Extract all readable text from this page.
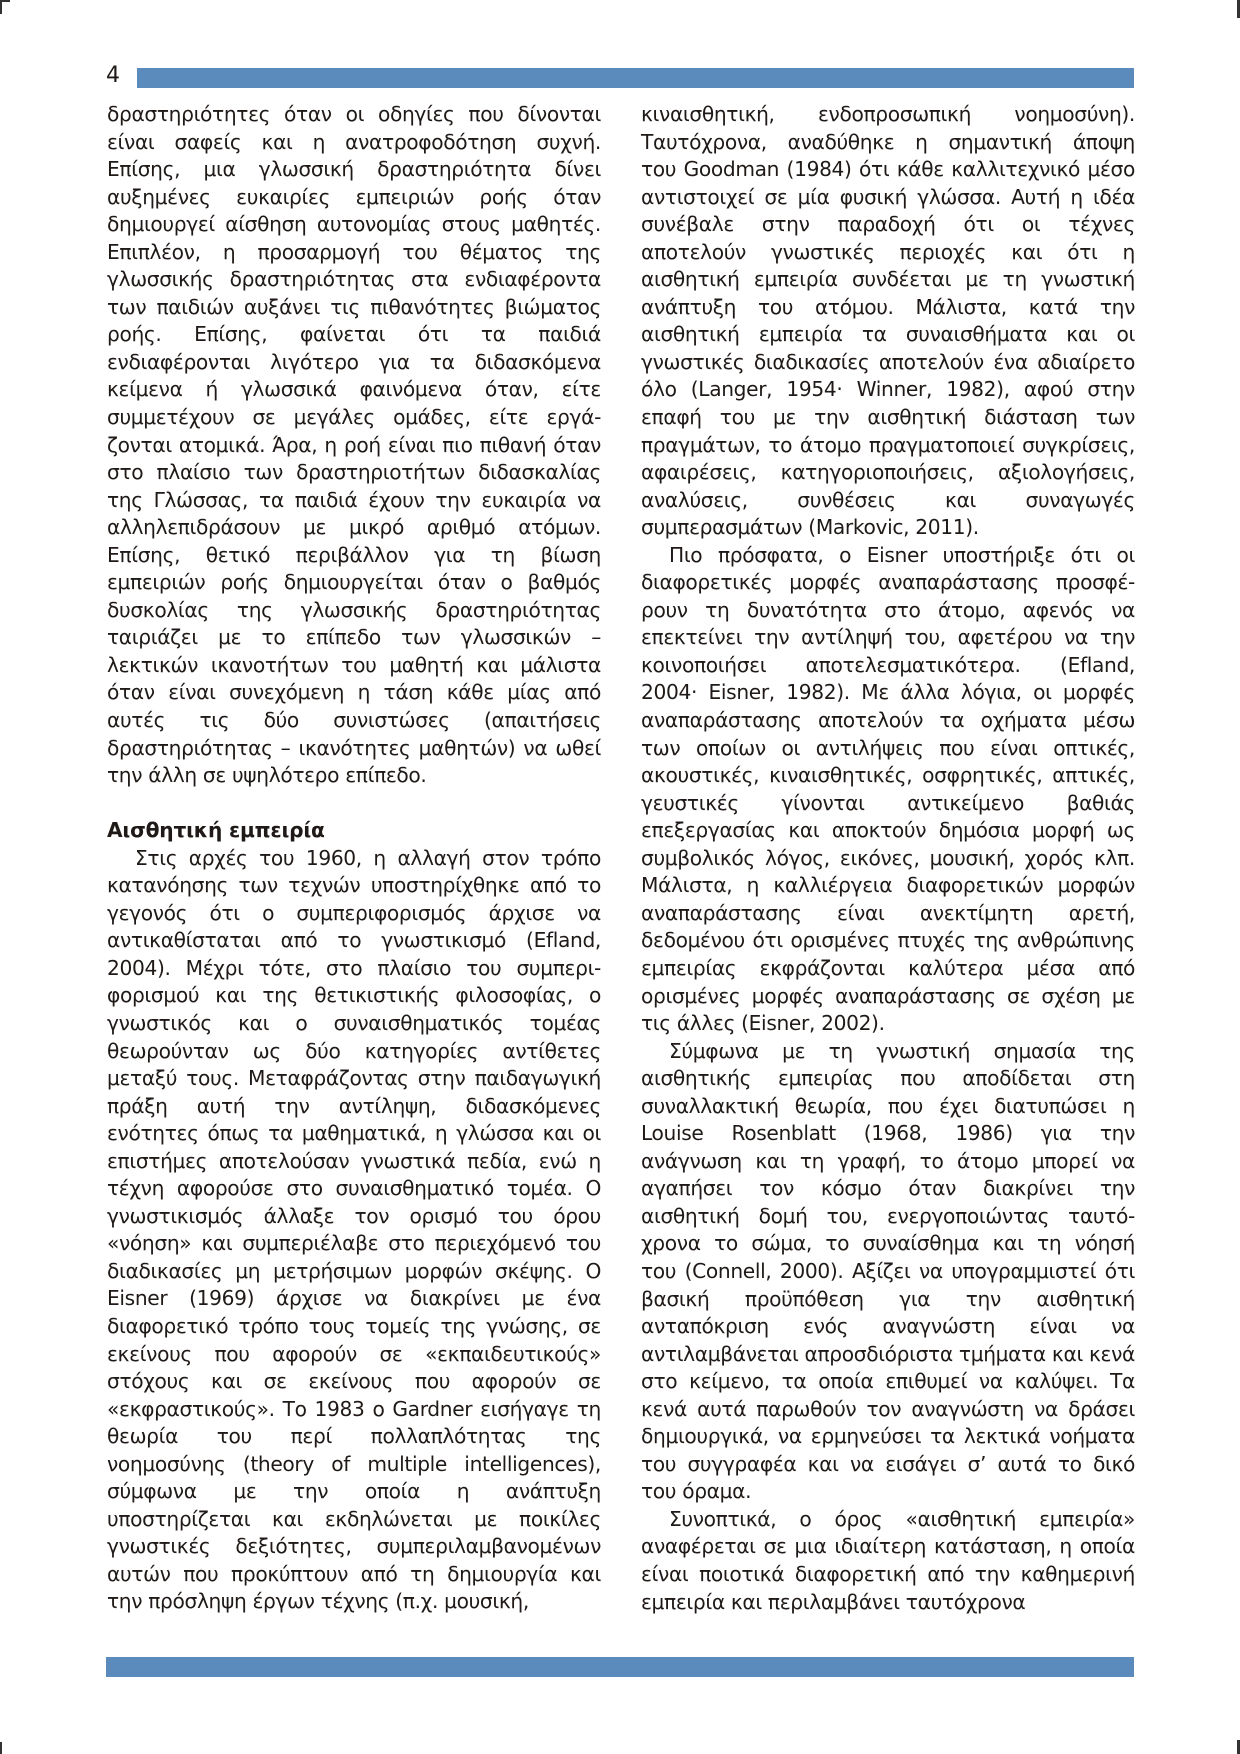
4

δραστηριότητες όταν οι οδηγίες που δίνονται
είναι σαφείς και η ανατροφοδότηση συχνή.
Επίσης, μια γλωσσική δραστηριότητα δίνει
αυξημένες ευκαιρίες εμπειριών ροής όταν
δημιουργεί αίσθηση αυτονομίας στους μαθητές.
Επιπλέον, η προσαρμογή του θέματος της
γλωσσικής δραστηριότητας στα ενδιαφέροντα
των παιδιών αυξάνει τις πιθανότητες βιώματος
ροής. Επίσης, φαίνεται ότι τα παιδιά
ενδιαφέρονται λιγότερο για τα διδασκόμενα
κείμενα ή γλωσσικά φαινόμενα όταν, είτε
συμμετέχουν σε μεγάλες ομάδες, είτε εργά-
ζονται ατομικά. Άρα, η ροή είναι πιο πιθανή όταν
στο πλαίσιο των δραστηριοτήτων διδασκαλίας
της Γλώσσας, τα παιδιά έχουν την ευκαιρία να
αλληλεπιδράσουν με μικρό αριθμό ατόμων.
Επίσης, θετικό περιβάλλον για τη βίωση
εμπειριών ροής δημιουργείται όταν ο βαθμός
δυσκολίας της γλωσσικής δραστηριότητας
ταιριάζει με το επίπεδο των γλωσσικών –
λεκτικών ικανοτήτων του μαθητή και μάλιστα
όταν είναι συνεχόμενη η τάση κάθε μίας από
αυτές τις δύο συνιστώσες (απαιτήσεις
δραστηριότητας – ικανότητες μαθητών) να ωθεί
την άλλη σε υψηλότερο επίπεδο.

Αισθητική εμπειρία

Στις αρχές του 1960, η αλλαγή στον τρόπο
κατανόησης των τεχνών υποστηρίχθηκε από το
γεγονός ότι ο συμπεριφορισμός άρχισε να
αντικαθίσταται από το γνωστικισμό (Efland,
2004). Μέχρι τότε, στο πλαίσιο του συμπερι-
φορισμού και της θετικιστικής φιλοσοφίας, ο
γνωστικός και ο συναισθηματικός τομέας
θεωρούνταν ως δύο κατηγορίες αντίθετες
μεταξύ τους. Μεταφράζοντας στην παιδαγωγική
πράξη αυτή την αντίληψη, διδασκόμενες
ενότητες όπως τα μαθηματικά, η γλώσσα και οι
επιστήμες αποτελούσαν γνωστικά πεδία, ενώ η
τέχνη αφορούσε στο συναισθηματικό τομέα. Ο
γνωστικισμός άλλαξε τον ορισμό του όρου
«νόηση» και συμπεριέλαβε στο περιεχόμενό του
διαδικασίες μη μετρήσιμων μορφών σκέψης. Ο
Eisner (1969) άρχισε να διακρίνει με ένα
διαφορετικό τρόπο τους τομείς της γνώσης, σε
εκείνους που αφορούν σε «εκπαιδευτικούς»
στόχους και σε εκείνους που αφορούν σε
«εκφραστικούς». Το 1983 ο Gardner εισήγαγε τη
θεωρία του περί πολλαπλότητας της
νοημοσύνης (theory of multiple intelligences),
σύμφωνα με την οποία η ανάπτυξη
υποστηρίζεται και εκδηλώνεται με ποικίλες
γνωστικές δεξιότητες, συμπεριλαμβανομένων
αυτών που προκύπτουν από τη δημιουργία και
την πρόσληψη έργων τέχνης (π.χ. μουσική,

κιναισθητική, ενδοπροσωπική νοημοσύνη).
Ταυτόχρονα, αναδύθηκε η σημαντική άποψη
του Goodman (1984) ότι κάθε καλλιτεχνικό μέσο
αντιστοιχεί σε μία φυσική γλώσσα. Αυτή η ιδέα
συνέβαλε στην παραδοχή ότι οι τέχνες
αποτελούν γνωστικές περιοχές και ότι η
αισθητική εμπειρία συνδέεται με τη γνωστική
ανάπτυξη του ατόμου. Μάλιστα, κατά την
αισθητική εμπειρία τα συναισθήματα και οι
γνωστικές διαδικασίες αποτελούν ένα αδιαίρετο
όλο (Langer, 1954· Winner, 1982), αφού στην
επαφή του με την αισθητική διάσταση των
πραγμάτων, το άτομο πραγματοποιεί συγκρίσεις,
αφαιρέσεις, κατηγοριοποιήσεις, αξιολογήσεις,
αναλύσεις, συνθέσεις και συναγωγές
συμπερασμάτων (Markovic, 2011).

Πιο πρόσφατα, ο Eisner υποστήριξε ότι οι
διαφορετικές μορφές αναπαράστασης προσφέ-
ρουν τη δυνατότητα στο άτομο, αφενός να
επεκτείνει την αντίληψή του, αφετέρου να την
κοινοποιήσει αποτελεσματικότερα. (Efland,
2004· Eisner, 1982). Με άλλα λόγια, οι μορφές
αναπαράστασης αποτελούν τα οχήματα μέσω
των οποίων οι αντιλήψεις που είναι οπτικές,
ακουστικές, κιναισθητικές, οσφρητικές, απτικές,
γευστικές γίνονται αντικείμενο βαθιάς
επεξεργασίας και αποκτούν δημόσια μορφή ως
συμβολικός λόγος, εικόνες, μουσική, χορός κλπ.
Μάλιστα, η καλλιέργεια διαφορετικών μορφών
αναπαράστασης είναι ανεκτίμητη αρετή,
δεδομένου ότι ορισμένες πτυχές της ανθρώπινης
εμπειρίας εκφράζονται καλύτερα μέσα από
ορισμένες μορφές αναπαράστασης σε σχέση με
τις άλλες (Eisner, 2002).

Σύμφωνα με τη γνωστική σημασία της
αισθητικής εμπειρίας που αποδίδεται στη
συναλλακτική θεωρία, που έχει διατυπώσει η
Louise Rosenblatt (1968, 1986) για την
ανάγνωση και τη γραφή, το άτομο μπορεί να
αγαπήσει τον κόσμο όταν διακρίνει την
αισθητική δομή του, ενεργοποιώντας ταυτό-
χρονα το σώμα, το συναίσθημα και τη νόησή
του (Connell, 2000). Αξίζει να υπογραμμιστεί ότι
βασική προϋπόθεση για την αισθητική
ανταπόκριση ενός αναγνώστη είναι να
αντιλαμβάνεται απροσδιόριστα τμήματα και κενά
στο κείμενο, τα οποία επιθυμεί να καλύψει. Τα
κενά αυτά παρωθούν τον αναγνώστη να δράσει
δημιουργικά, να ερμηνεύσει τα λεκτικά νοήματα
του συγγραφέα και να εισάγει σ’ αυτά το δικό
του όραμα.

Συνοπτικά, ο όρος «αισθητική εμπειρία»
αναφέρεται σε μια ιδιαίτερη κατάσταση, η οποία
είναι ποιοτικά διαφορετική από την καθημερινή
εμπειρία και περιλαμβάνει ταυτόχρονα
